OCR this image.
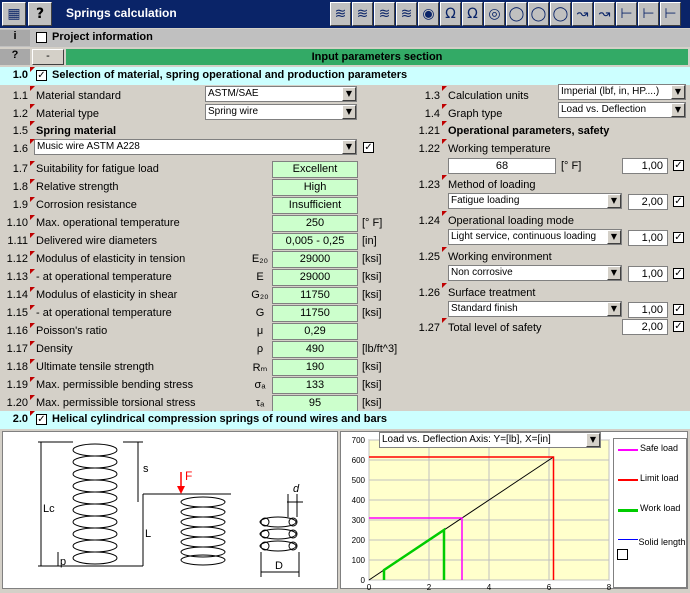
▦	?	Springs calculation	≋ ≋ ≋ ≋ ◉ Ω Ω ◎ ◯ ◯ ◯ ↝ ↝ ⊢ ⊢ ⊢
i	Project information
?	-	Input parameters section
1.0 ✓ Selection of material, spring operational and production parameters
1.1 Material standard	ASTM/SAE	▼
1.2 Material type	Spring wire	▼
1.5 Spring material
1.6 Music wire ASTM A228	▼	✓
1.7 Suitability for fatigue load	Excellent
1.8 Relative strength	High
1.9 Corrosion resistance	Insufficient
1.10 Max. operational temperature	250	[° F]
1.11 Delivered wire diameters	0,005 - 0,25	[in]
1.12 Modulus of elasticity in tension	E₂₀	29000	[ksi]
1.13 - at operational temperature	E	29000	[ksi]
1.14 Modulus of elasticity in shear	G₂₀	11750	[ksi]
1.15 - at operational temperature	G	11750	[ksi]
1.16 Poisson's ratio	μ	0,29
1.17 Density	ρ	490	[lb/ft^3]
1.18 Ultimate tensile strength	Rₘ	190	[ksi]
1.19 Max. permissible bending stress	σₐ	133	[ksi]
1.20 Max. permissible torsional stress	τₐ	95	[ksi]
1.3 Calculation units	Imperial (lbf, in, HP....)	▼
1.4 Graph type	Load vs. Deflection	▼
1.21 Operational parameters, safety
1.22 Working temperature
68	[° F]	1,00	✓
1.23 Method of loading
Fatigue loading	▼	2,00	✓
1.24 Operational loading mode
Light service, continuous loading	▼	1,00	✓
1.25 Working environment
Non corrosive	▼	1,00	✓
1.26 Surface treatment
Standard finish	▼	1,00	✓
1.27 Total level of safety	2,00	✓
2.0 ✓ Helical cylindrical compression springs of round wires and bars
Lc
s
p
F
L
d
D
0
100
200
300
400
500
600
700
0	2	4	6	8
Load vs. Deflection Axis: Y=[lb], X=[in]	▼
Safe load
Limit load
Work load
Solid length
